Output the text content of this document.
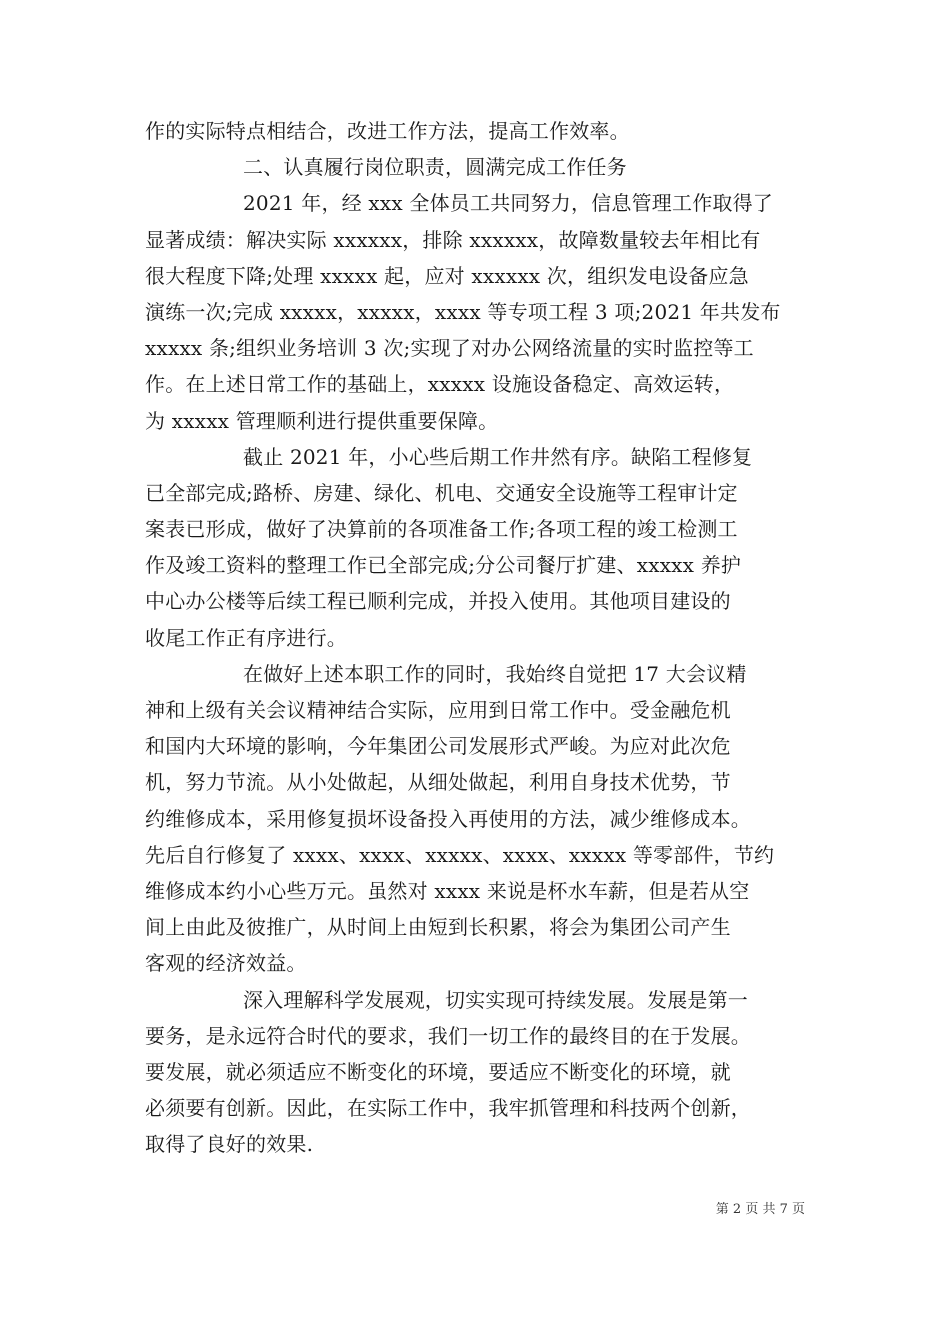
作的实际特点相结合，改进工作方法，提高工作效率。
二、认真履行岗位职责，圆满完成工作任务
2021 年，经 xxx 全体员工共同努力，信息管理工作取得了
显著成绩：解决实际 xxxxxx，排除 xxxxxx，故障数量较去年相比有
很大程度下降;处理 xxxxx 起，应对 xxxxxx 次，组织发电设备应急
演练一次;完成 xxxxx，xxxxx，xxxx 等专项工程 3 项;2021 年共发布
xxxxx 条;组织业务培训 3 次;实现了对办公网络流量的实时监控等工
作。在上述日常工作的基础上，xxxxx 设施设备稳定、高效运转，
为 xxxxx 管理顺利进行提供重要保障。
截止 2021 年，小心些后期工作井然有序。缺陷工程修复
已全部完成;路桥、房建、绿化、机电、交通安全设施等工程审计定
案表已形成，做好了决算前的各项准备工作;各项工程的竣工检测工
作及竣工资料的整理工作已全部完成;分公司餐厅扩建、xxxxx 养护
中心办公楼等后续工程已顺利完成，并投入使用。其他项目建设的
收尾工作正有序进行。
在做好上述本职工作的同时，我始终自觉把 17 大会议精
神和上级有关会议精神结合实际，应用到日常工作中。受金融危机
和国内大环境的影响，今年集团公司发展形式严峻。为应对此次危
机，努力节流。从小处做起，从细处做起，利用自身技术优势，节
约维修成本，采用修复损坏设备投入再使用的方法，减少维修成本。
先后自行修复了 xxxx、xxxx、xxxxx、xxxx、xxxxx 等零部件，节约
维修成本约小心些万元。虽然对 xxxx 来说是杯水车薪，但是若从空
间上由此及彼推广，从时间上由短到长积累，将会为集团公司产生
客观的经济效益。
深入理解科学发展观，切实实现可持续发展。发展是第一
要务，是永远符合时代的要求，我们一切工作的最终目的在于发展。
要发展，就必须适应不断变化的环境，要适应不断变化的环境，就
必须要有创新。因此，在实际工作中，我牢抓管理和科技两个创新，
取得了良好的效果.
第 2 页 共 7 页
